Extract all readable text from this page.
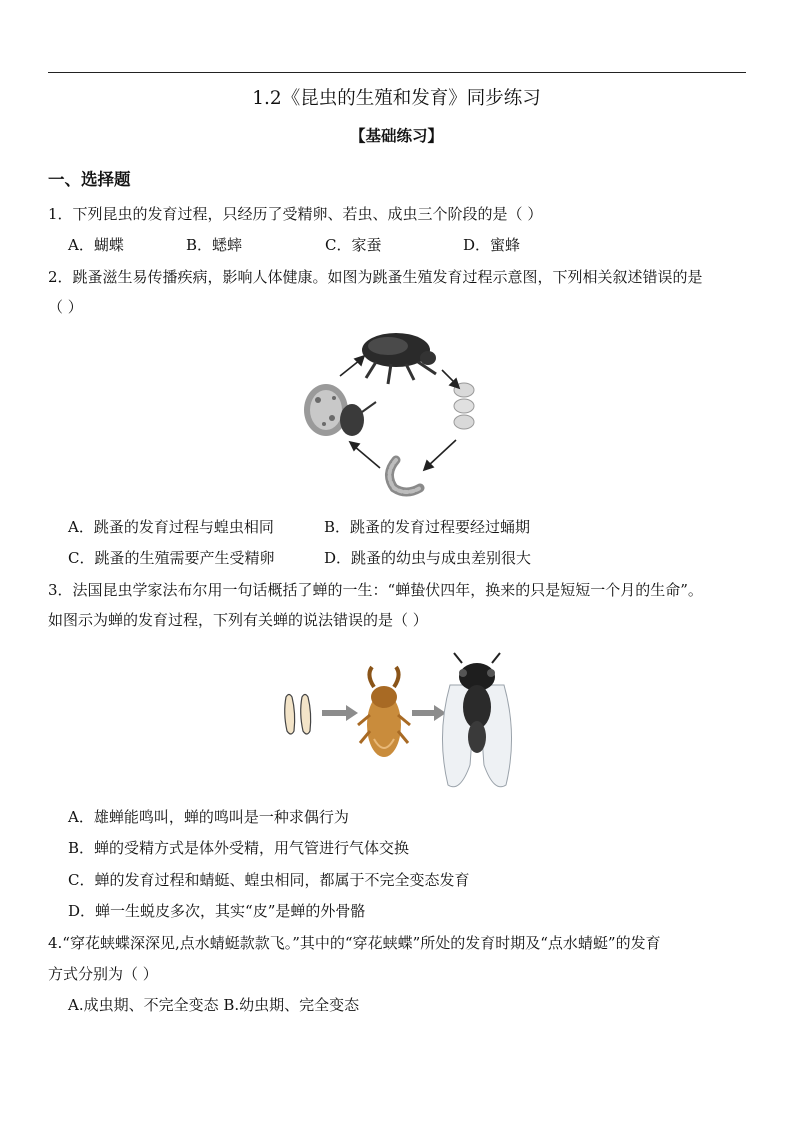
1.2《昆虫的生殖和发育》同步练习
【基础练习】
一、选择题
1．下列昆虫的发育过程，只经历了受精卵、若虫、成虫三个阶段的是（ ）
A．蝴蝶	B．蟋蟀	C．家蚕	D．蜜蜂
2．跳蚤滋生易传播疾病，影响人体健康。如图为跳蚤生殖发育过程示意图，下列相关叙述错误的是
（ ）
A．跳蚤的发育过程与蝗虫相同	B．跳蚤的发育过程要经过蛹期
C．跳蚤的生殖需要产生受精卵	D．跳蚤的幼虫与成虫差别很大
3．法国昆虫学家法布尔用一句话概括了蝉的一生：“蝉蛰伏四年，换来的只是短短一个月的生命”。
如图示为蝉的发育过程，下列有关蝉的说法错误的是（ ）
A．雄蝉能鸣叫，蝉的鸣叫是一种求偶行为
B．蝉的受精方式是体外受精，用气管进行气体交换
C．蝉的发育过程和蜻蜓、蝗虫相同，都属于不完全变态发育
D．蝉一生蜕皮多次，其实“皮”是蝉的外骨骼
4.“穿花蛱蝶深深见,点水蜻蜓款款飞。”其中的“穿花蛱蝶”所处的发育时期及“点水蜻蜓”的发育
方式分别为（ ）
A.成虫期、不完全变态 B.幼虫期、完全变态
